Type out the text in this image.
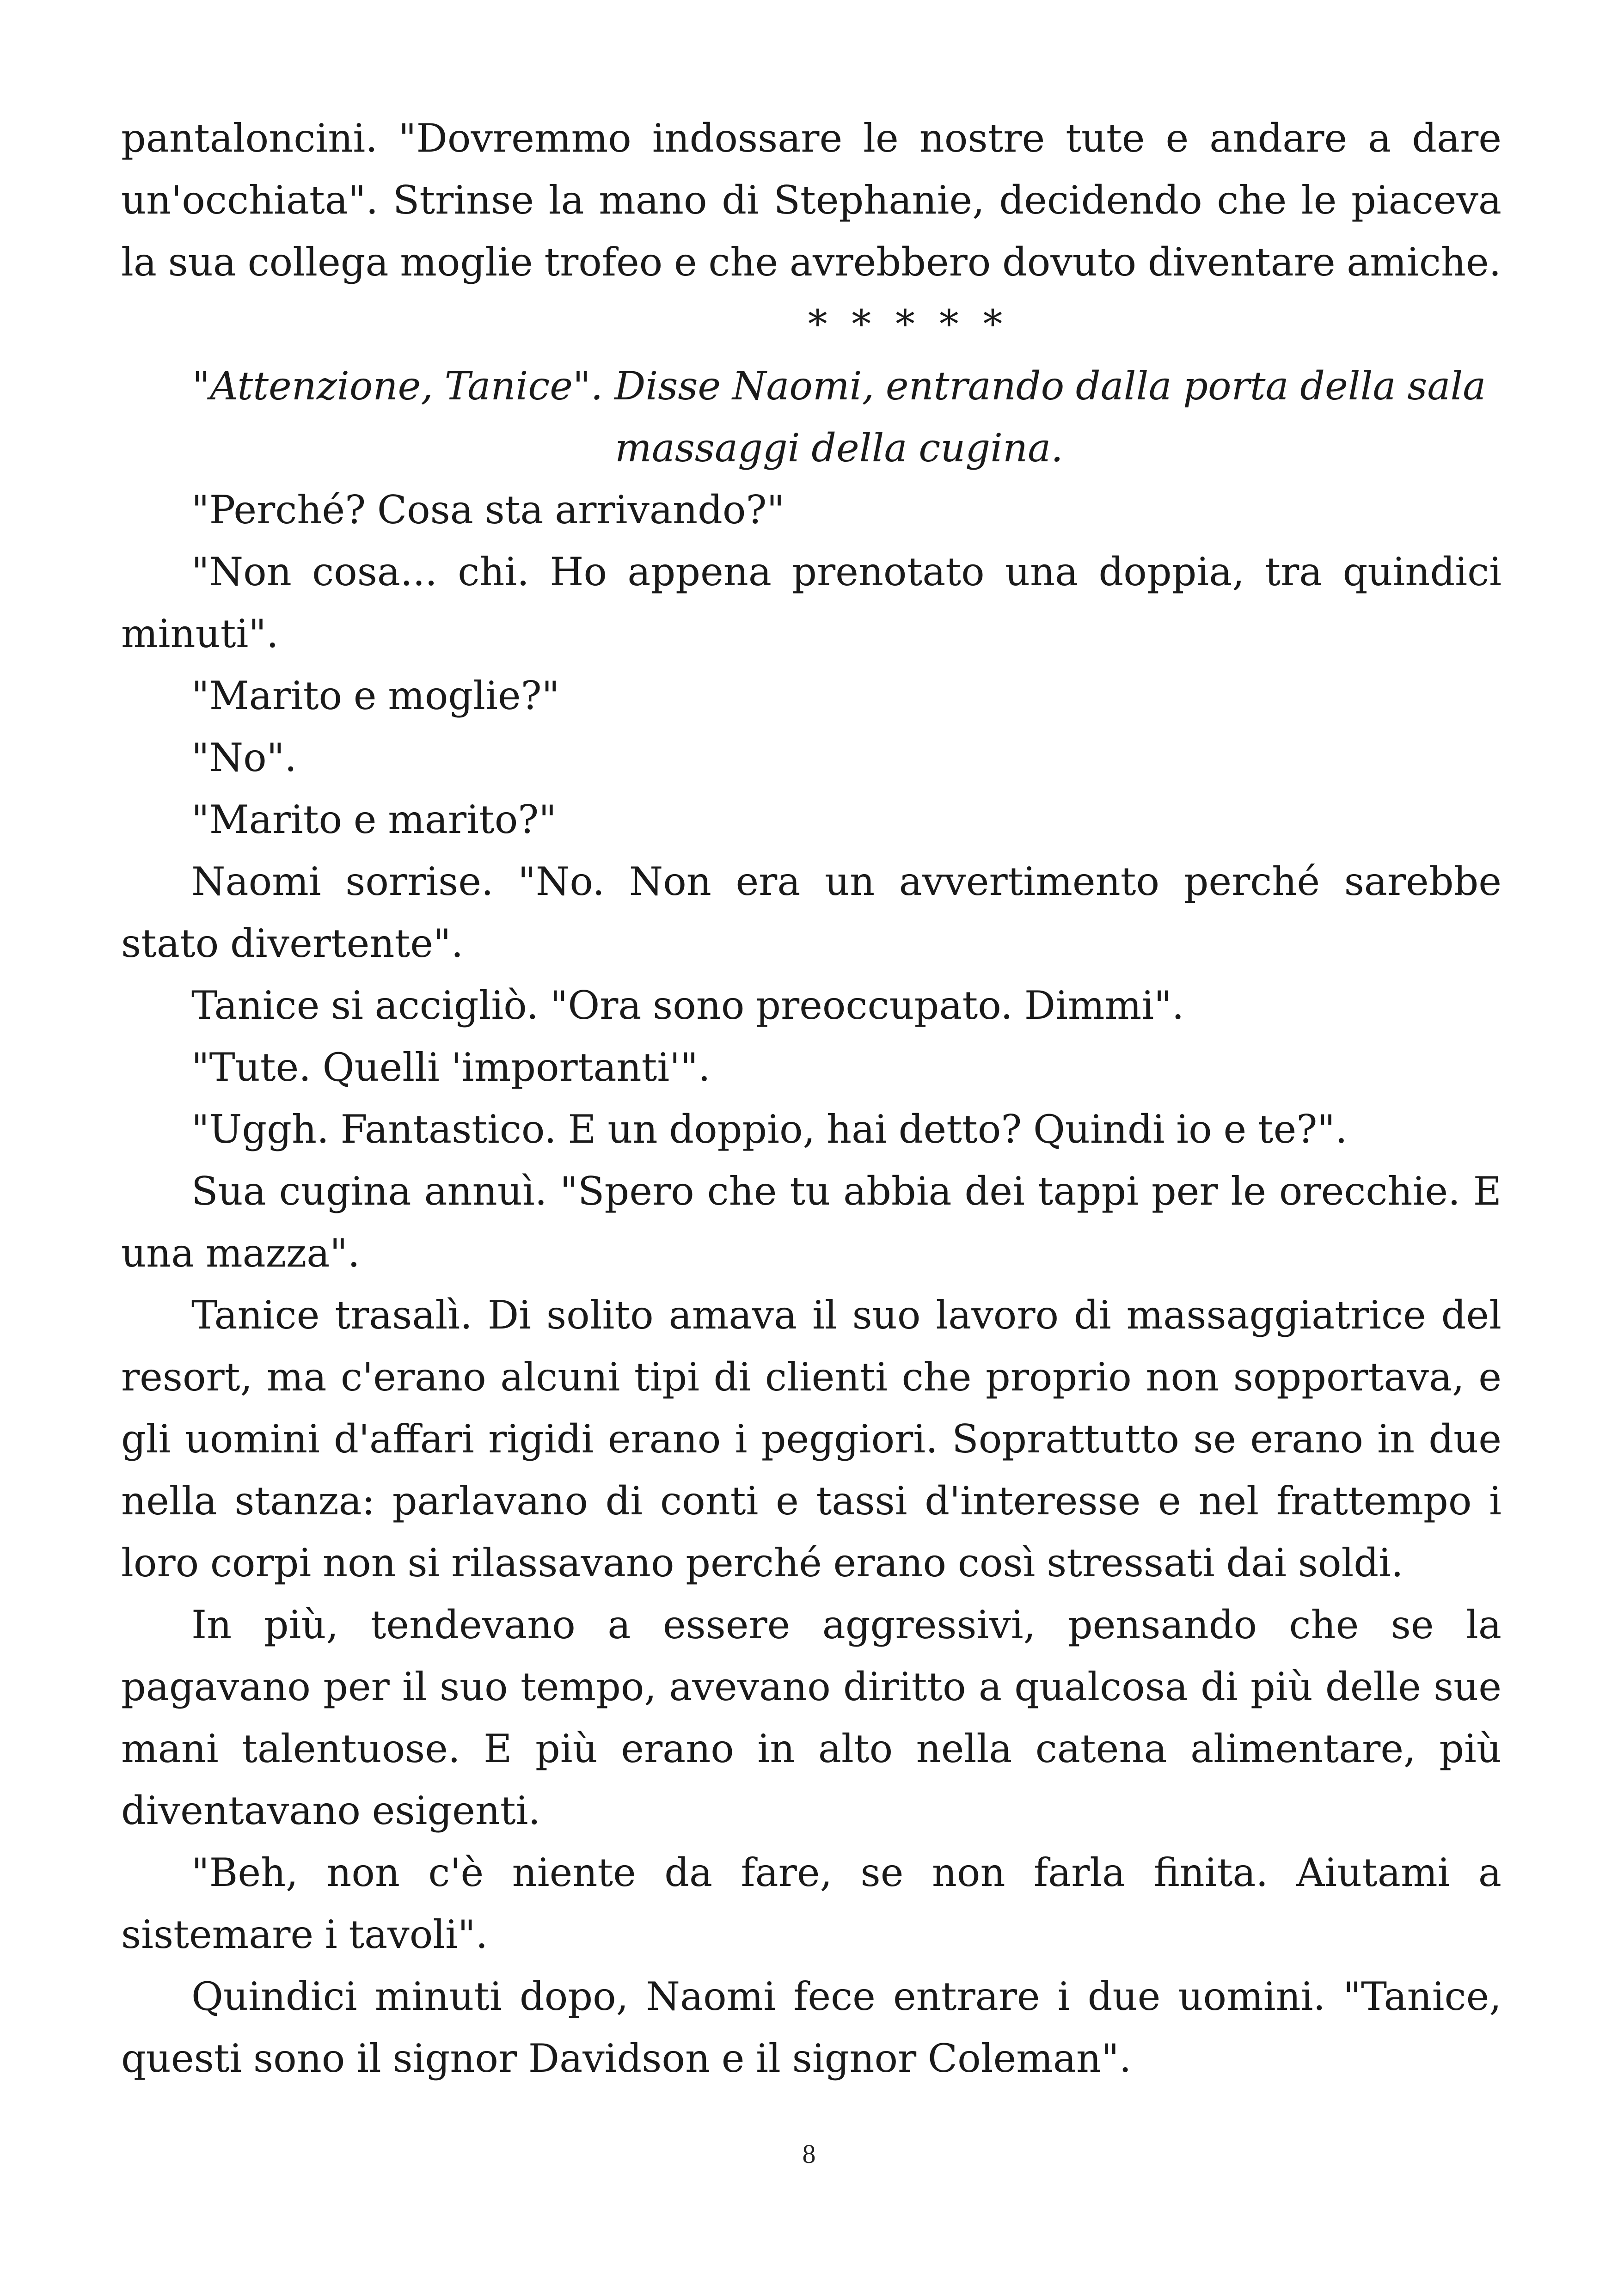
pantaloncini. "Dovremmo indossare le nostre tute e andare a dare un'occhiata". Strinse la mano di Stephanie, decidendo che le piaceva la sua collega moglie trofeo e che avrebbero dovuto diventare amiche.

* * * * *

"Attenzione, Tanice". Disse Naomi, entrando dalla porta della sala massaggi della cugina.

"Perché? Cosa sta arrivando?"

"Non cosa... chi. Ho appena prenotato una doppia, tra quindici minuti".

"Marito e moglie?"

"No".

"Marito e marito?"

Naomi sorrise. "No. Non era un avvertimento perché sarebbe stato divertente".

Tanice si accigliò. "Ora sono preoccupato. Dimmi".

"Tute. Quelli 'importanti'".

"Uggh. Fantastico. E un doppio, hai detto? Quindi io e te?".

Sua cugina annuì. "Spero che tu abbia dei tappi per le orecchie. E una mazza".

Tanice trasalì. Di solito amava il suo lavoro di massaggiatrice del resort, ma c'erano alcuni tipi di clienti che proprio non sopportava, e gli uomini d'affari rigidi erano i peggiori. Soprattutto se erano in due nella stanza: parlavano di conti e tassi d'interesse e nel frattempo i loro corpi non si rilassavano perché erano così stressati dai soldi.

In più, tendevano a essere aggressivi, pensando che se la pagavano per il suo tempo, avevano diritto a qualcosa di più delle sue mani talentuose. E più erano in alto nella catena alimentare, più diventavano esigenti.

"Beh, non c'è niente da fare, se non farla finita. Aiutami a sistemare i tavoli".

Quindici minuti dopo, Naomi fece entrare i due uomini. "Tanice, questi sono il signor Davidson e il signor Coleman".

8
